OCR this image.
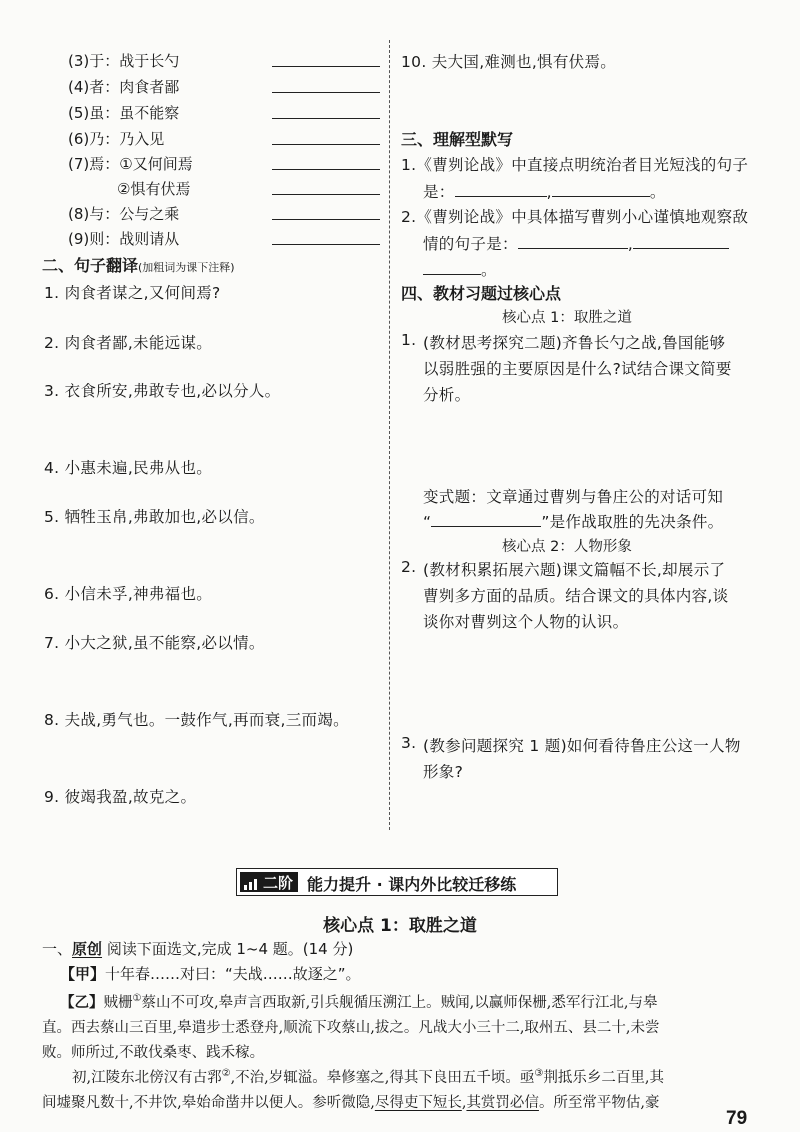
(3)于：战于长勺
(4)者：肉食者鄙
(5)虽：虽不能察
(6)乃：乃入见
(7)焉：①又何间焉
②惧有伏焉
(8)与：公与之乘
(9)则：战则请从
二、句子翻译(加粗词为课下注释)
1. 肉食者谋之,又何间焉?
2. 肉食者鄙,未能远谋。
3. 衣食所安,弗敢专也,必以分人。
4. 小惠未遍,民弗从也。
5. 牺牲玉帛,弗敢加也,必以信。
6. 小信未孚,神弗福也。
7. 小大之狱,虽不能察,必以情。
8. 夫战,勇气也。一鼓作气,再而衰,三而竭。
9. 彼竭我盈,故克之。
10. 夫大国,难测也,惧有伏焉。
三、理解型默写
1.《曹刿论战》中直接点明统治者目光短浅的句子
是：	,	。
2.《曹刿论战》中具体描写曹刿小心谨慎地观察敌
情的句子是：	,
。
四、教材习题过核心点
核心点 1：取胜之道
1. (教材思考探究二题)齐鲁长勺之战,鲁国能够
以弱胜强的主要原因是什么?试结合课文简要
分析。
变式题：文章通过曹刿与鲁庄公的对话可知
“	”是作战取胜的先决条件。
核心点 2：人物形象
2. (教材积累拓展六题)课文篇幅不长,却展示了
曹刿多方面的品质。结合课文的具体内容,谈
谈你对曹刿这个人物的认识。
3. (教参问题探究 1 题)如何看待鲁庄公这一人物
形象?
二阶 能力提升 · 课内外比较迁移练
核心点 1：取胜之道
一、原创 阅读下面选文,完成 1~4 题。(14 分)
【甲】十年春……对曰：“夫战……故逐之”。
【乙】贼栅①蔡山不可攻,皋声言西取新,引兵舰循压溯江上。贼闻,以赢师保栅,悉军行江北,与皋
直。西去蔡山三百里,皋遣步士悉登舟,顺流下攻蔡山,拔之。凡战大小三十二,取州五、县二十,未尝
败。师所过,不敢伐桑枣、践禾稼。
初,江陵东北傍汉有古郛②,不治,岁辄溢。皋修塞之,得其下良田五千顷。亟③荆抵乐乡二百里,其
间墟聚凡数十,不井饮,皋始命凿井以便人。参听微隐,尽得吏下短长,其赏罚必信。所至常平物估,豪
79
